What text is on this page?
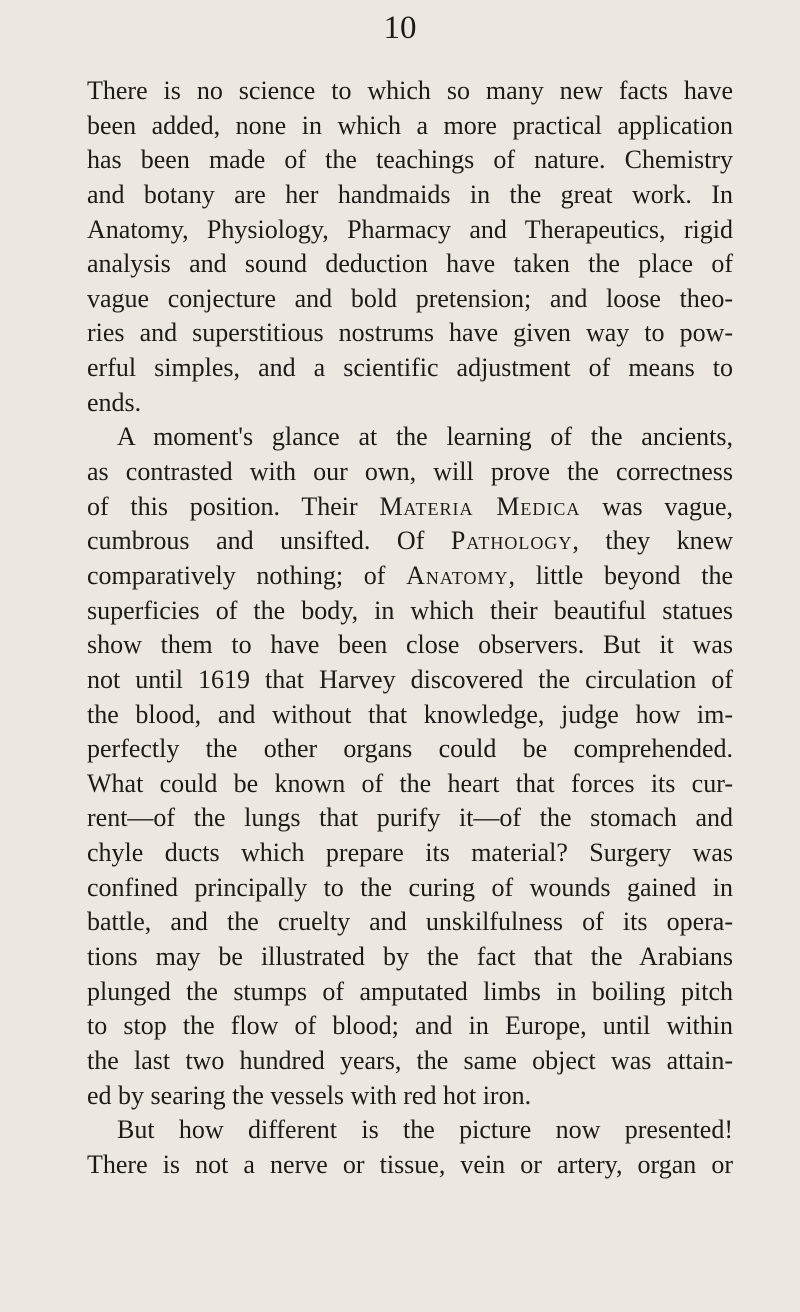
10
There is no science to which so many new facts have
been added, none in which a more practical application
has been made of the teachings of nature. Chemistry
and botany are her handmaids in the great work. In
Anatomy, Physiology, Pharmacy and Therapeutics, rigid
analysis and sound deduction have taken the place of
vague conjecture and bold pretension; and loose theo-
ries and superstitious nostrums have given way to pow-
erful simples, and a scientific adjustment of means to
ends.
A moment's glance at the learning of the ancients,
as contrasted with our own, will prove the correctness
of this position. Their Materia Medica was vague,
cumbrous and unsifted. Of Pathology, they knew
comparatively nothing; of Anatomy, little beyond the
superficies of the body, in which their beautiful statues
show them to have been close observers. But it was
not until 1619 that Harvey discovered the circulation of
the blood, and without that knowledge, judge how im-
perfectly the other organs could be comprehended.
What could be known of the heart that forces its cur-
rent—of the lungs that purify it—of the stomach and
chyle ducts which prepare its material? Surgery was
confined principally to the curing of wounds gained in
battle, and the cruelty and unskilfulness of its opera-
tions may be illustrated by the fact that the Arabians
plunged the stumps of amputated limbs in boiling pitch
to stop the flow of blood; and in Europe, until within
the last two hundred years, the same object was attain-
ed by searing the vessels with red hot iron.
But how different is the picture now presented!
There is not a nerve or tissue, vein or artery, organ or
